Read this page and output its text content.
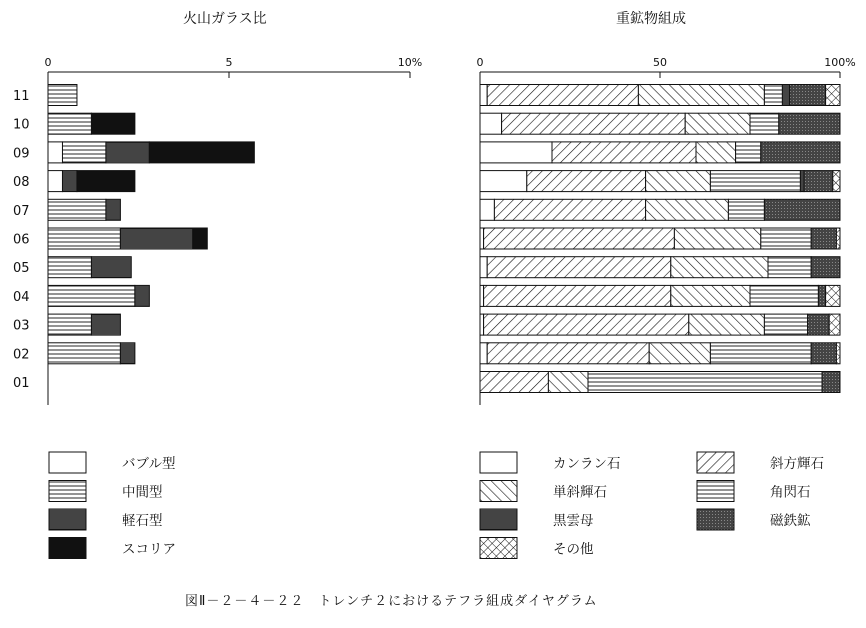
火山ガラス比	重鉱物組成
0	5	10%
11
10
09
08
07
06
05
04
03
02
01
0	50	100%
バブル型
中間型
軽石型
スコリア
カンラン石
単斜輝石
黒雲母
その他
斜方輝石
角閃石
磁鉄鉱
図Ⅱ－２－４－２２　トレンチ２におけるテフラ組成ダイヤグラム
